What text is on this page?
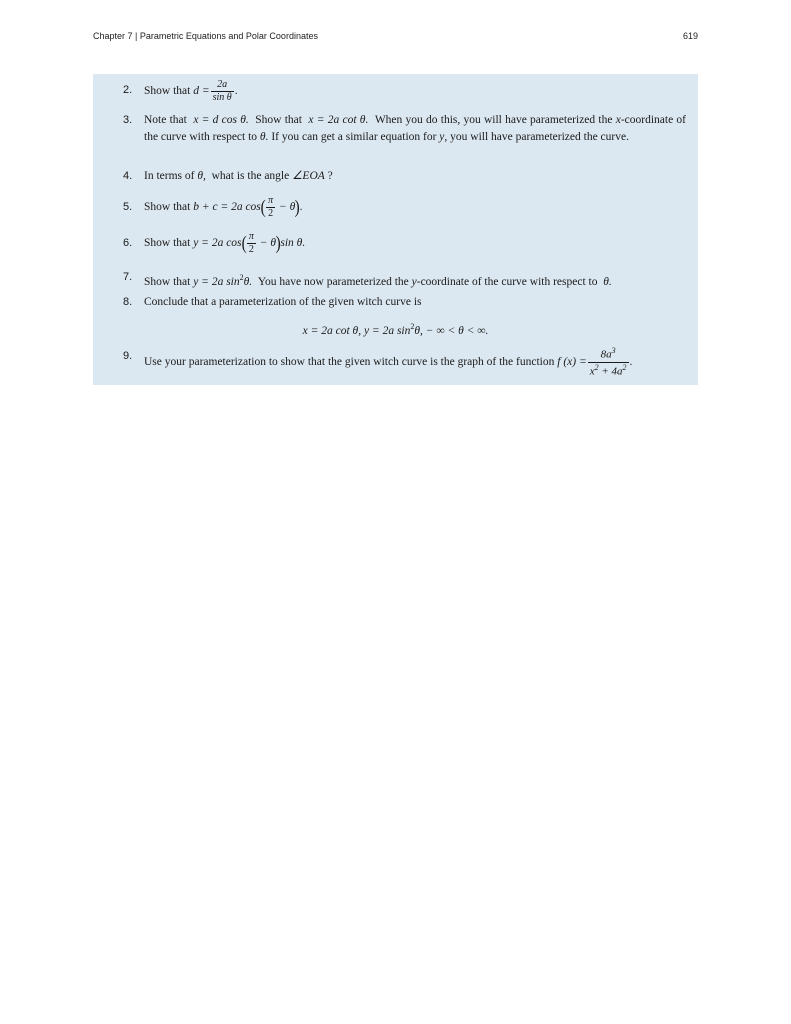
Chapter 7 | Parametric Equations and Polar Coordinates	619
2. Show that $d = \frac{2a}{\text{sin θ}}$ .
3. Note that x = d cos θ. Show that x = 2a cot θ. When you do this, you will have parameterized the x-coordinate of the curve with respect to θ. If you can get a similar equation for y, you will have parameterized the curve.
4. In terms of θ, what is the angle ∠EOA ?
5. Show that b + c = 2a $\cos( \frac{\pi}{2} - \theta)$.
6. Show that y = 2a $\cos( \frac{\pi}{2} - \theta)\sin$ θ.
7. Show that y = 2a $\sin^2\theta$. You have now parameterized the y-coordinate of the curve with respect to θ.
8. Conclude that a parameterization of the given witch curve is
x = 2a cot θ, y = 2a $\sin^2\theta$, − ∞ < θ < ∞.
9. Use your parameterization to show that the given witch curve is the graph of the function f $(x) = \frac{8a^3}{x^2 + 4a^2}$ .
